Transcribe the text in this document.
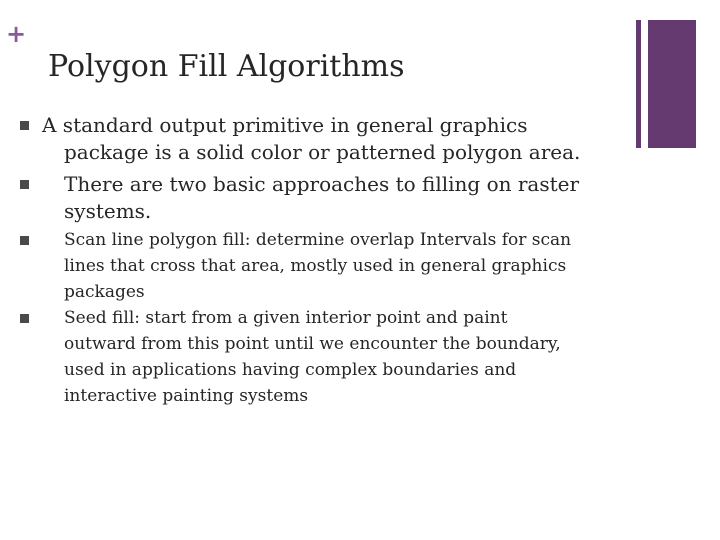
+
Polygon Fill Algorithms
A standard output primitive in general graphics
package is a solid color or patterned polygon area.
There are two basic approaches to filling on raster
systems.
Scan line polygon fill: determine overlap Intervals for scan
lines that cross that area, mostly used in general graphics
packages
Seed fill: start from a given interior point and paint
outward from this point until we encounter the boundary,
used in applications having complex boundaries and
interactive painting systems
